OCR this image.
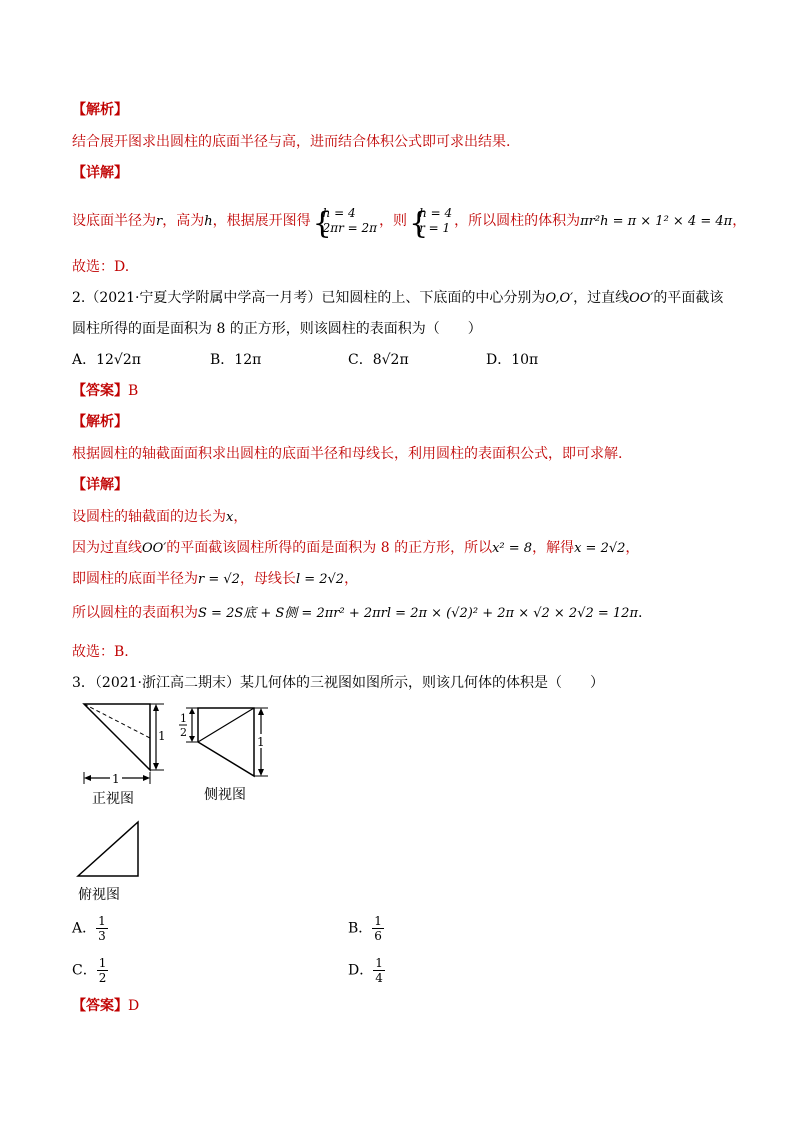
【解析】
结合展开图求出圆柱的底面半径与高，进而结合体积公式即可求出结果.
【详解】
设底面半径为r，高为h，根据展开图得 {
h = 4
2πr = 2π ，则 {
h = 4
r = 1 ，所以圆柱的体积为πr²h = π × 1² × 4 = 4π，
故选：D.
2.（2021·宁夏大学附属中学高一月考）已知圆柱的上、下底面的中心分别为O,O′，过直线OO′的平面截该
圆柱所得的面是面积为 8 的正方形，则该圆柱的表面积为（　　）
A．12√2π	B．12π	C．8√2π	D．10π
【答案】B
【解析】
根据圆柱的轴截面面积求出圆柱的底面半径和母线长，利用圆柱的表面积公式，即可求解.
【详解】
设圆柱的轴截面的边长为x，
因为过直线OO′的平面截该圆柱所得的面是面积为 8 的正方形，所以x² = 8，解得x = 2√2，
即圆柱的底面半径为r = √2，母线长l = 2√2，
所以圆柱的表面积为S = 2S底 + S侧 = 2πr² + 2πrl = 2π × (√2)² + 2π × √2 × 2√2 = 12π.
故选：B.
3．（2021·浙江高二期末）某几何体的三视图如图所示，则该几何体的体积是（　　）
1
1
正视图
1
2
1
侧视图
俯视图
A． $\frac{1}{3}$	B． $\frac{1}{6}$
C． $\frac{1}{2}$	D． $\frac{1}{4}$
【答案】D
